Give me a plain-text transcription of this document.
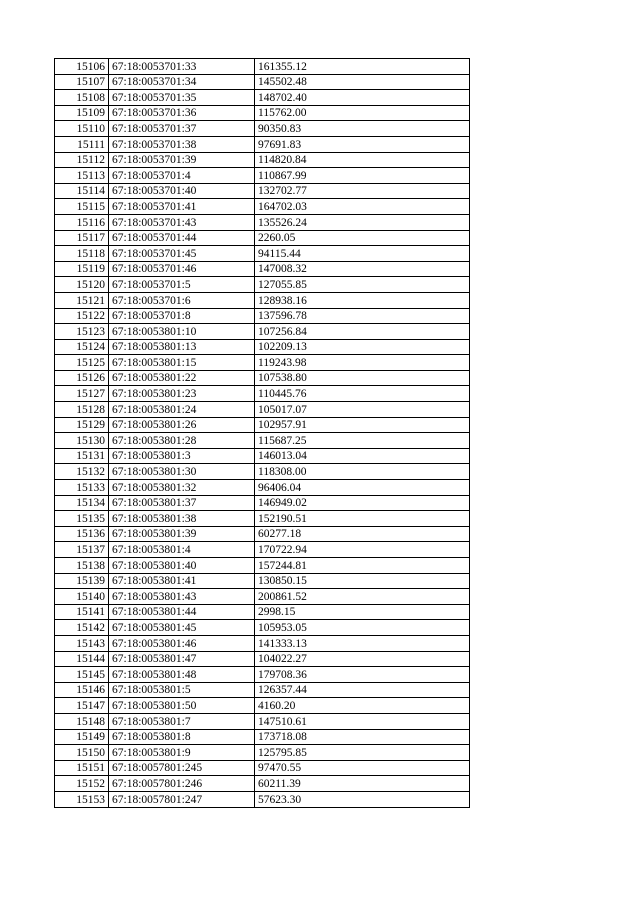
15106	67:18:0053701:33	161355.12
15107	67:18:0053701:34	145502.48
15108	67:18:0053701:35	148702.40
15109	67:18:0053701:36	115762.00
15110	67:18:0053701:37	90350.83
15111	67:18:0053701:38	97691.83
15112	67:18:0053701:39	114820.84
15113	67:18:0053701:4	110867.99
15114	67:18:0053701:40	132702.77
15115	67:18:0053701:41	164702.03
15116	67:18:0053701:43	135526.24
15117	67:18:0053701:44	2260.05
15118	67:18:0053701:45	94115.44
15119	67:18:0053701:46	147008.32
15120	67:18:0053701:5	127055.85
15121	67:18:0053701:6	128938.16
15122	67:18:0053701:8	137596.78
15123	67:18:0053801:10	107256.84
15124	67:18:0053801:13	102209.13
15125	67:18:0053801:15	119243.98
15126	67:18:0053801:22	107538.80
15127	67:18:0053801:23	110445.76
15128	67:18:0053801:24	105017.07
15129	67:18:0053801:26	102957.91
15130	67:18:0053801:28	115687.25
15131	67:18:0053801:3	146013.04
15132	67:18:0053801:30	118308.00
15133	67:18:0053801:32	96406.04
15134	67:18:0053801:37	146949.02
15135	67:18:0053801:38	152190.51
15136	67:18:0053801:39	60277.18
15137	67:18:0053801:4	170722.94
15138	67:18:0053801:40	157244.81
15139	67:18:0053801:41	130850.15
15140	67:18:0053801:43	200861.52
15141	67:18:0053801:44	2998.15
15142	67:18:0053801:45	105953.05
15143	67:18:0053801:46	141333.13
15144	67:18:0053801:47	104022.27
15145	67:18:0053801:48	179708.36
15146	67:18:0053801:5	126357.44
15147	67:18:0053801:50	4160.20
15148	67:18:0053801:7	147510.61
15149	67:18:0053801:8	173718.08
15150	67:18:0053801:9	125795.85
15151	67:18:0057801:245	97470.55
15152	67:18:0057801:246	60211.39
15153	67:18:0057801:247	57623.30
